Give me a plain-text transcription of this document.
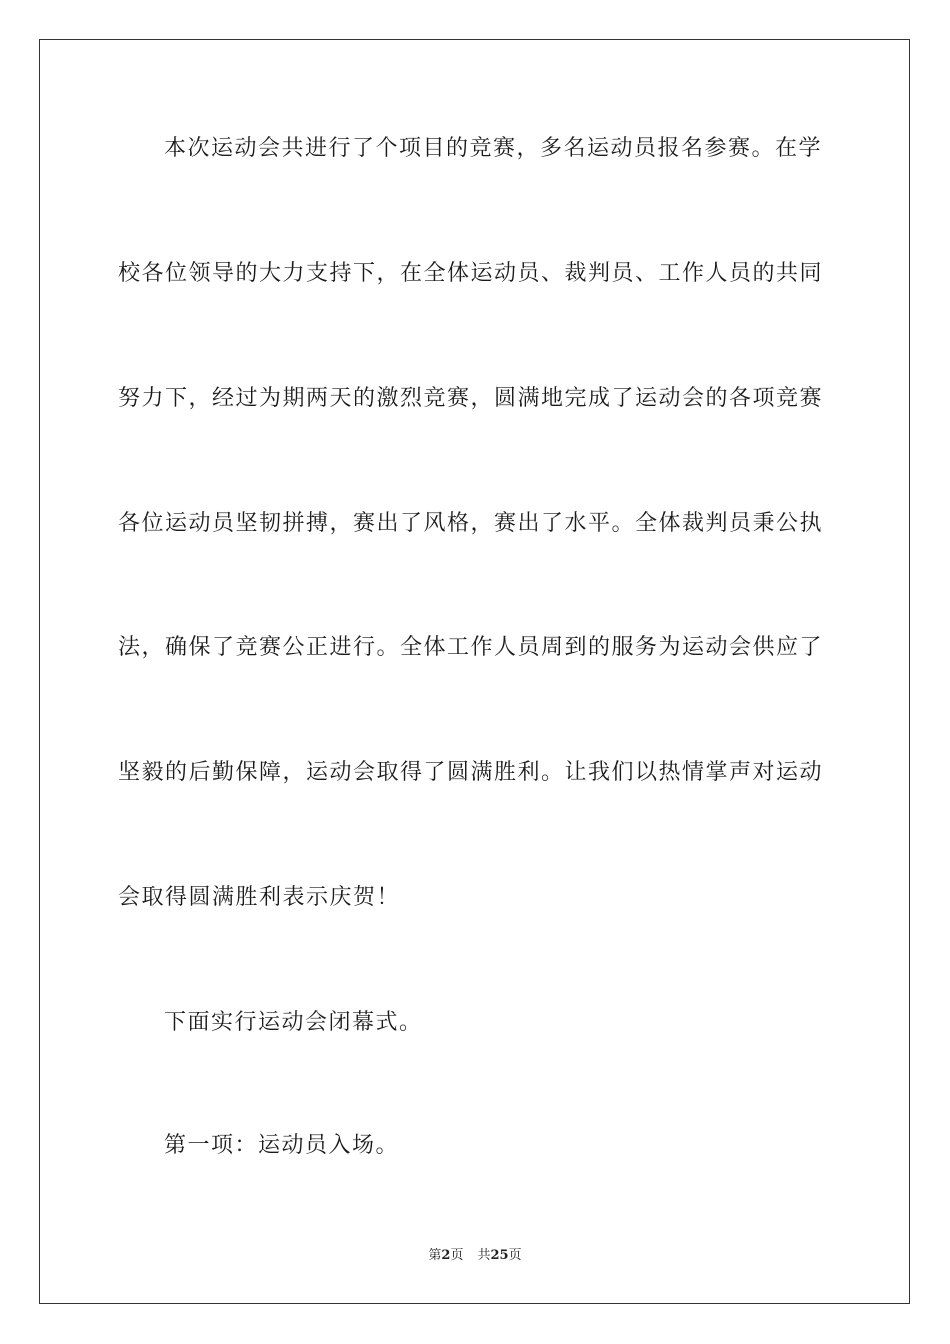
本次运动会共进行了个项目的竞赛，多名运动员报名参赛。在学
校各位领导的大力支持下，在全体运动员、裁判员、工作人员的共同
努力下，经过为期两天的激烈竞赛，圆满地完成了运动会的各项竞赛
各位运动员坚韧拼搏，赛出了风格，赛出了水平。全体裁判员秉公执
法，确保了竞赛公正进行。全体工作人员周到的服务为运动会供应了
坚毅的后勤保障，运动会取得了圆满胜利。让我们以热情掌声对运动
会取得圆满胜利表示庆贺！
下面实行运动会闭幕式。
第一项：运动员入场。
第2页 共25页
